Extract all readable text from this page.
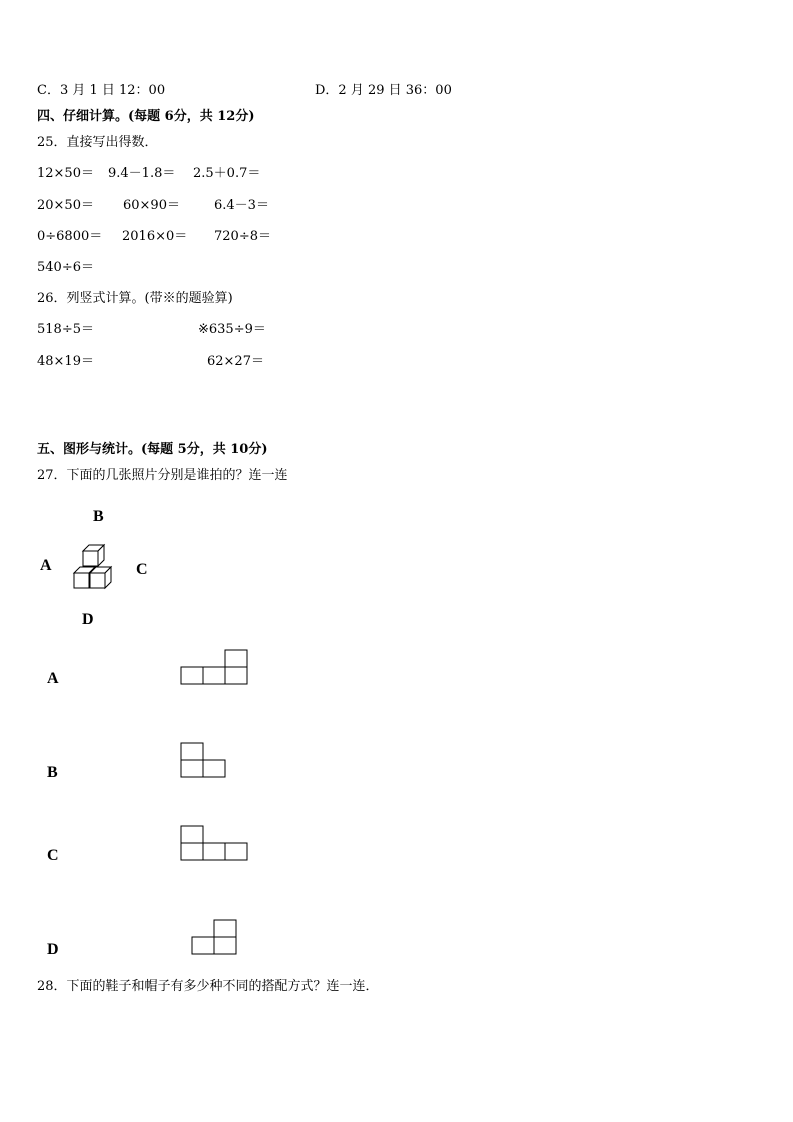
C．3 月 1 日 12：00	D．2 月 29 日 36：00
四、仔细计算。(每题 6分，共 12分)
25．直接写出得数．
12×50＝ 9.4－1.8＝ 2.5＋0.7＝
20×50＝ 60×90＝	6.4－3＝
0÷6800＝ 2016×0＝ 720÷8＝
540÷6＝
26．列竖式计算。(带※的题验算)
518÷5＝	※635÷9＝
48×19＝	62×27＝
五、图形与统计。(每题 5分，共 10分)
27．下面的几张照片分别是谁拍的？连一连
B
A	C
D
A
B
C
D
28．下面的鞋子和帽子有多少种不同的搭配方式？连一连．
